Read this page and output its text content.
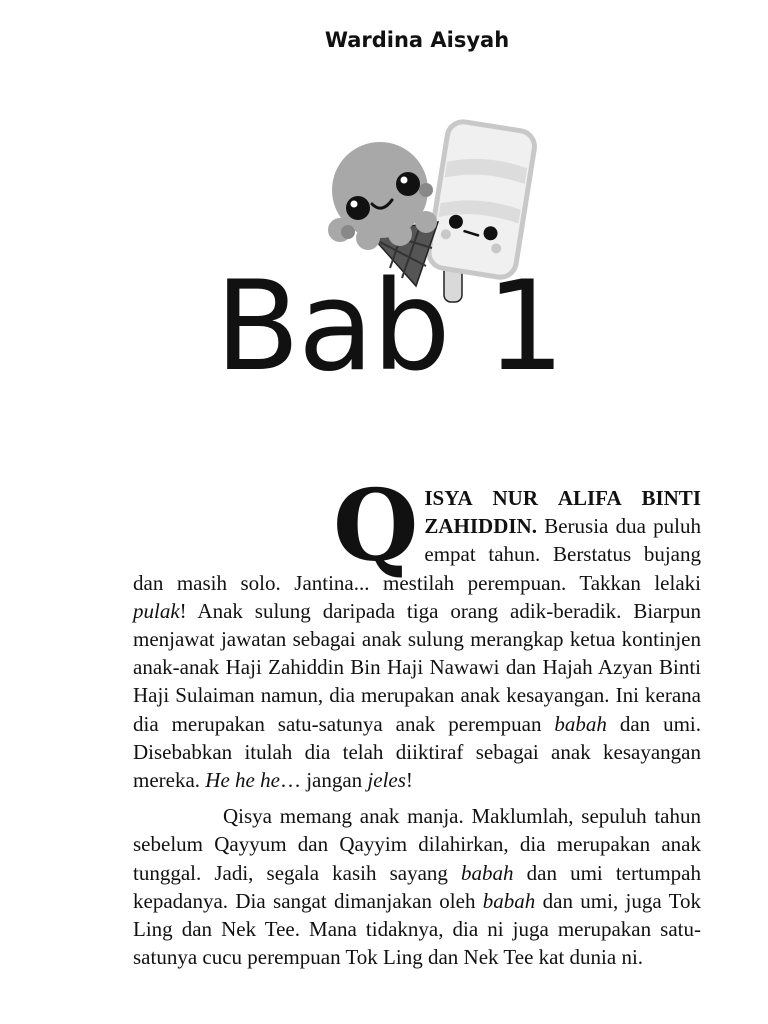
Wardina Aisyah
Bab 1

QISYA NUR ALIFA BINTI ZAHIDDIN. Berusia dua puluh empat tahun. Berstatus bujang dan masih solo. Jantina... mestilah perempuan. Takkan lelaki pulak! Anak sulung daripada tiga orang adik-beradik. Biarpun menjawat jawatan sebagai anak sulung merangkap ketua kontinjen anak-anak Haji Zahiddin Bin Haji Nawawi dan Hajah Azyan Binti Haji Sulaiman namun, dia merupakan anak kesayangan. Ini kerana dia merupakan satu-satunya anak perempuan babah dan umi. Disebabkan itulah dia telah diiktiraf sebagai anak kesayangan mereka. He he he… jangan jeles!

Qisya memang anak manja. Maklumlah, sepuluh tahun sebelum Qayyum dan Qayyim dilahirkan, dia merupakan anak tunggal. Jadi, segala kasih sayang babah dan umi tertumpah kepadanya. Dia sangat dimanjakan oleh babah dan umi, juga Tok Ling dan Nek Tee. Mana tidaknya, dia ni juga merupakan satu-satunya cucu perempuan Tok Ling dan Nek Tee kat dunia ni.
